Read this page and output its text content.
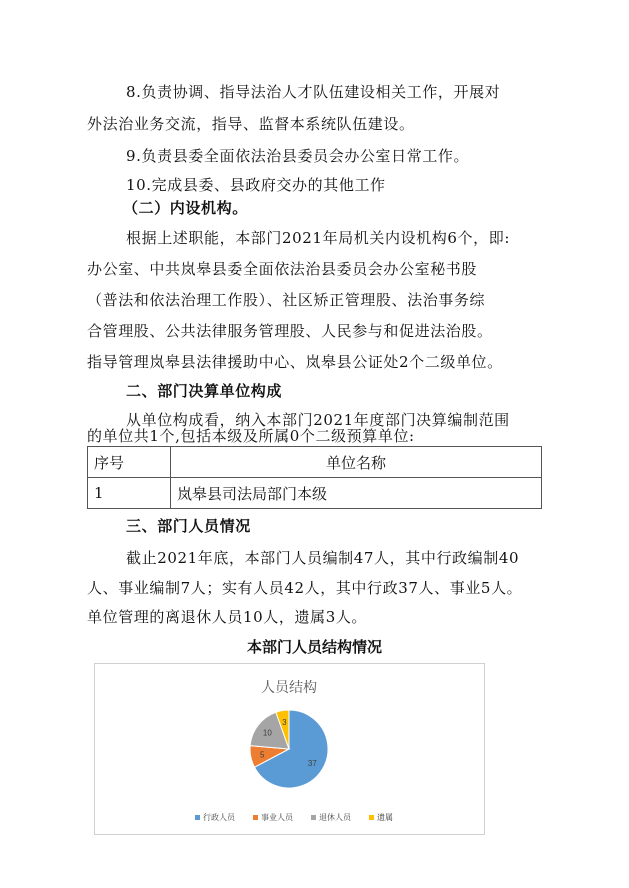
8.负责协调、指导法治人才队伍建设相关工作，开展对
外法治业务交流，指导、监督本系统队伍建设。
9.负责县委全面依法治县委员会办公室日常工作。
10.完成县委、县政府交办的其他工作
（二）内设机构。
根据上述职能，本部门2021年局机关内设机构6个，即:
办公室、中共岚皋县委全面依法治县委员会办公室秘书股
（普法和依法治理工作股）、社区矫正管理股、法治事务综
合管理股、公共法律服务管理股、人民参与和促进法治股。
指导管理岚皋县法律援助中心、岚皋县公证处2个二级单位。
二、部门决算单位构成
从单位构成看，纳入本部门2021年度部门决算编制范围
的单位共1个,包括本级及所属0个二级预算单位:
序号	单位名称
1	岚皋县司法局部门本级
三、部门人员情况
截止2021年底，本部门人员编制47人，其中行政编制40
人、事业编制7人；实有人员42人，其中行政37人、事业5人。
单位管理的离退休人员10人，遗属3人。
本部门人员结构情况
人员结构
37
5
10
3
行政人员	事业人员	退休人员	遗属
